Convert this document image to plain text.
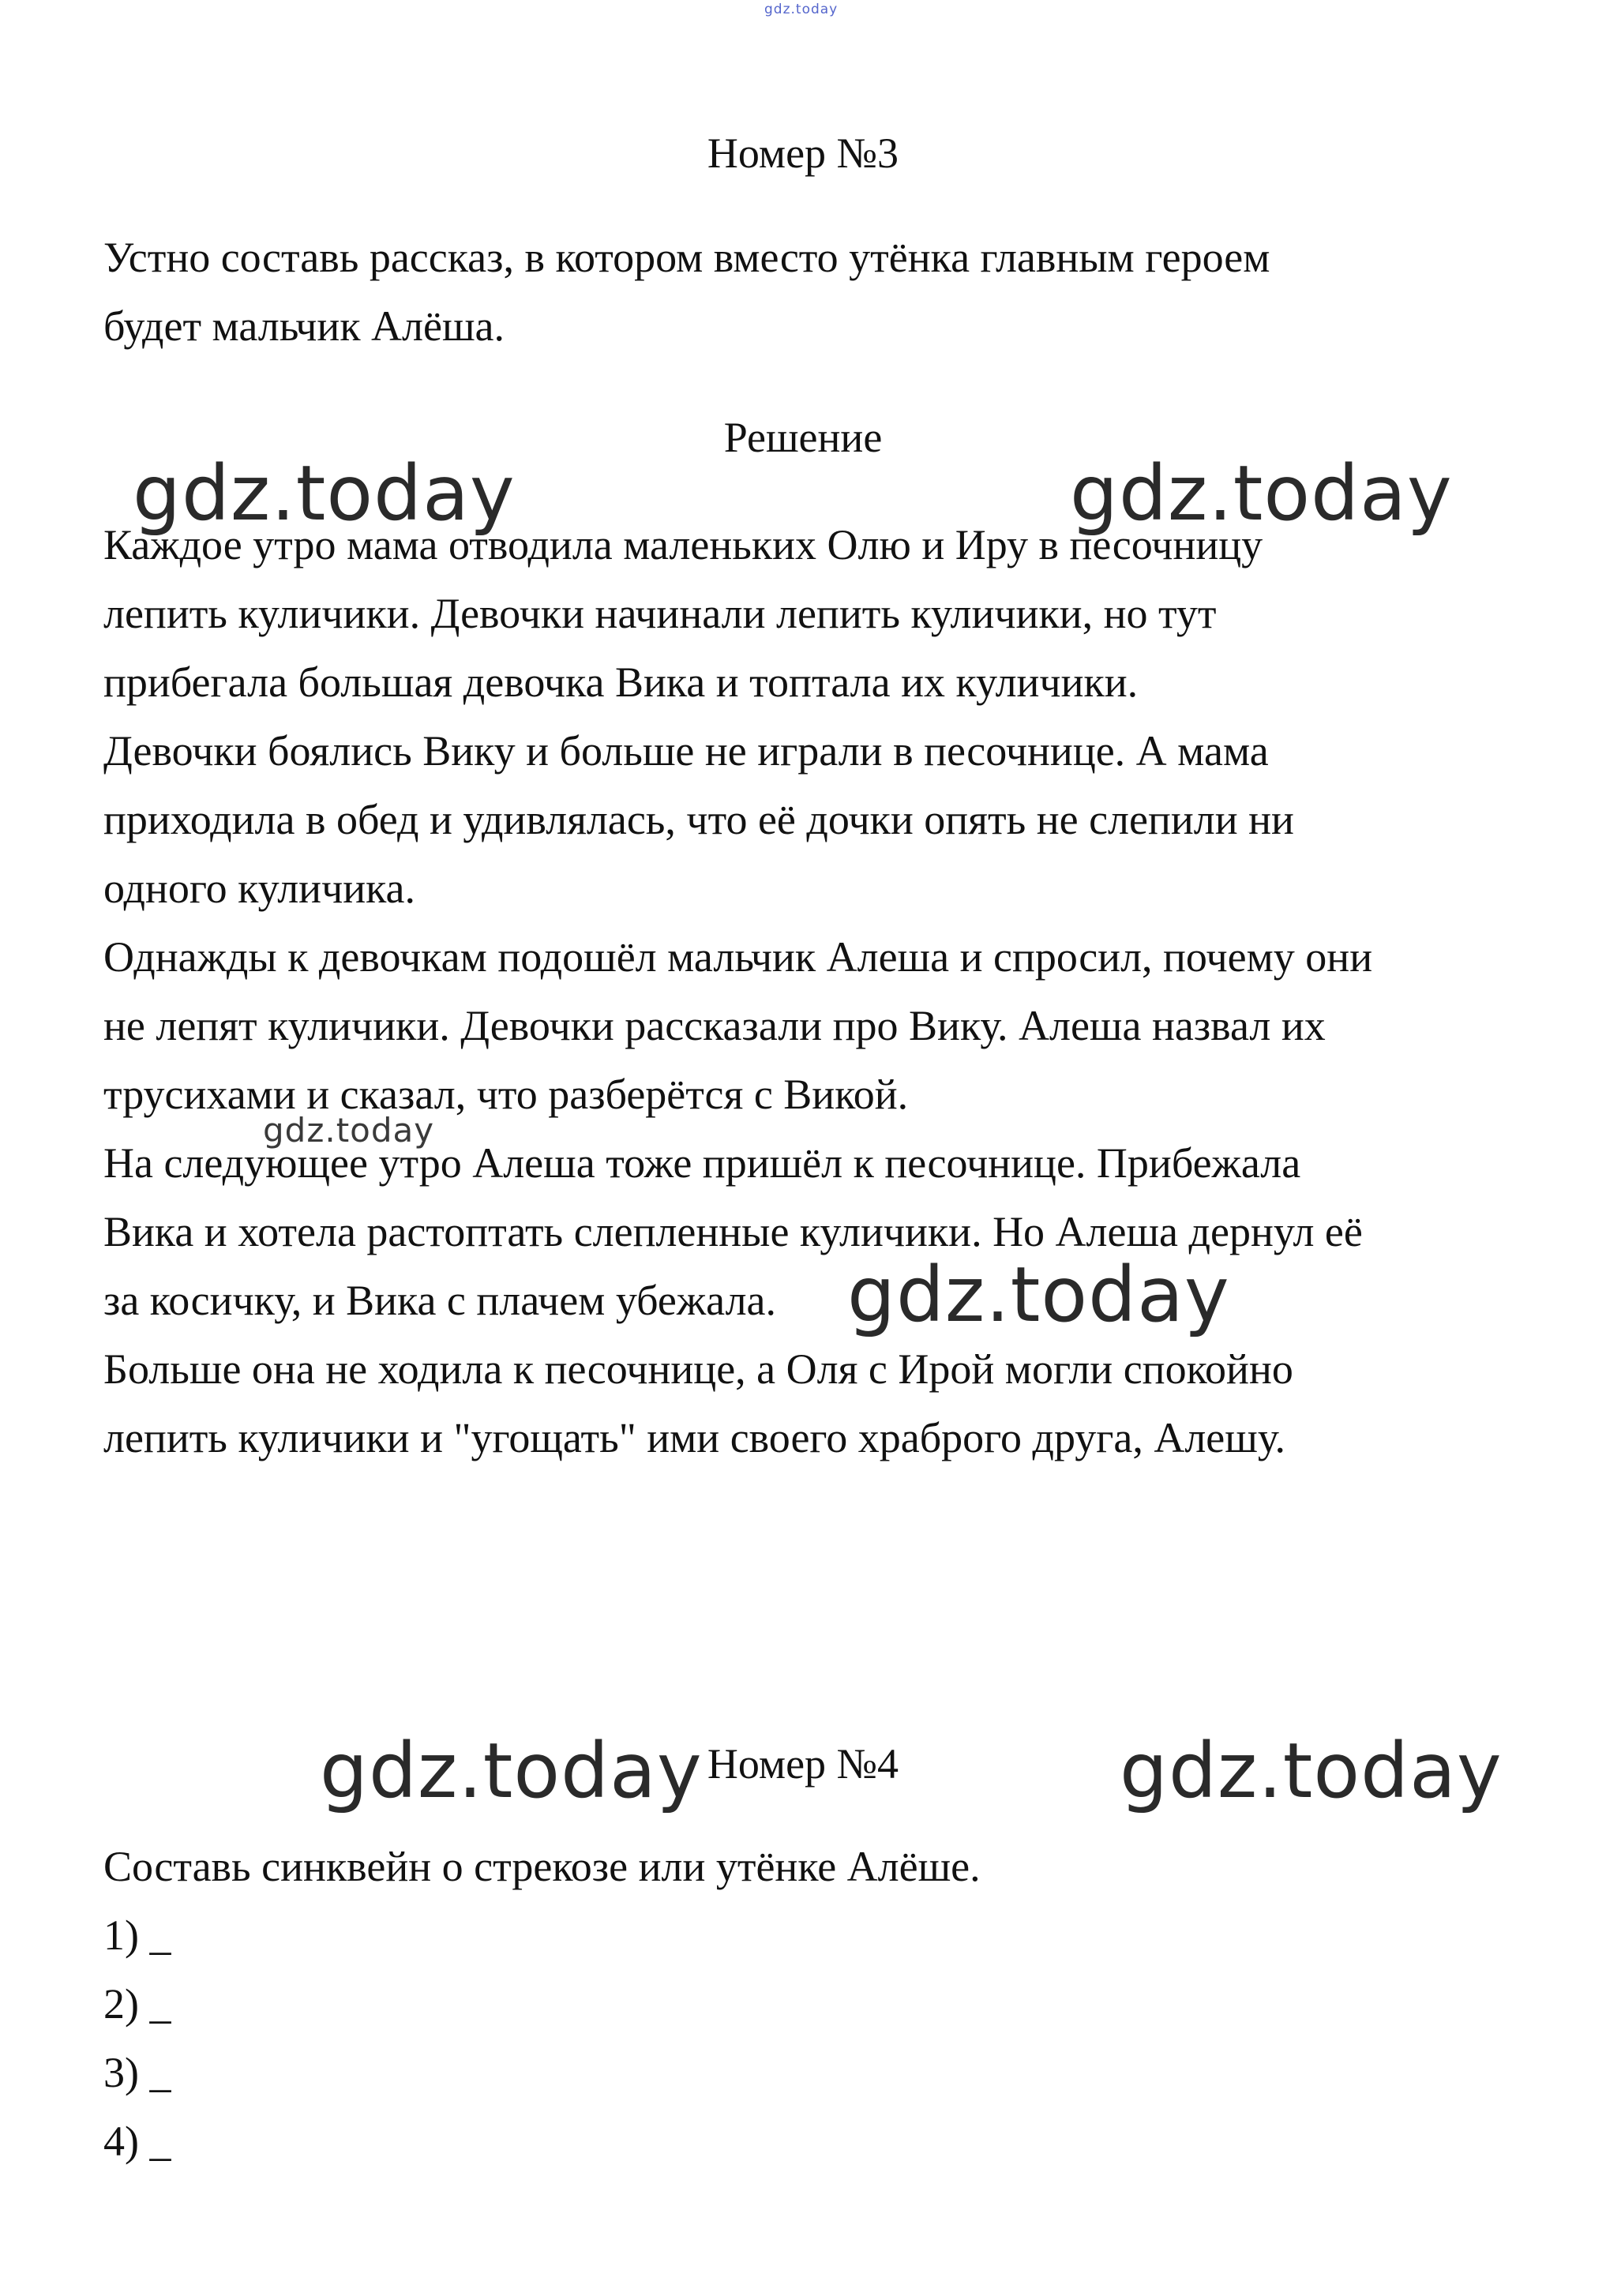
gdz.today
Номер №3
Устно составь рассказ, в котором вместо утёнка главным героем
будет мальчик Алёша.
Решение
Каждое утро мама отводила маленьких Олю и Иру в песочницу
лепить куличики. Девочки начинали лепить куличики, но тут
прибегала большая девочка Вика и топтала их куличики.
Девочки боялись Вику и больше не играли в песочнице. А мама
приходила в обед и удивлялась, что её дочки опять не слепили ни
одного куличика.
Однажды к девочкам подошёл мальчик Алеша и спросил, почему они
не лепят куличики. Девочки рассказали про Вику. Алеша назвал их
трусихами и сказал, что разберётся с Викой.
На следующее утро Алеша тоже пришёл к песочнице. Прибежала
Вика и хотела растоптать слепленные куличики. Но Алеша дернул её
за косичку, и Вика с плачем убежала.
Больше она не ходила к песочнице, а Оля с Ирой могли спокойно
лепить куличики и "угощать" ими своего храброго друга, Алешу.
Номер №4
Составь синквейн о стрекозе или утёнке Алёше.
1) _
2) _
3) _
4) _
gdz.today	gdz.today
gdz.today
gdz.today
gdz.today	gdz.today
